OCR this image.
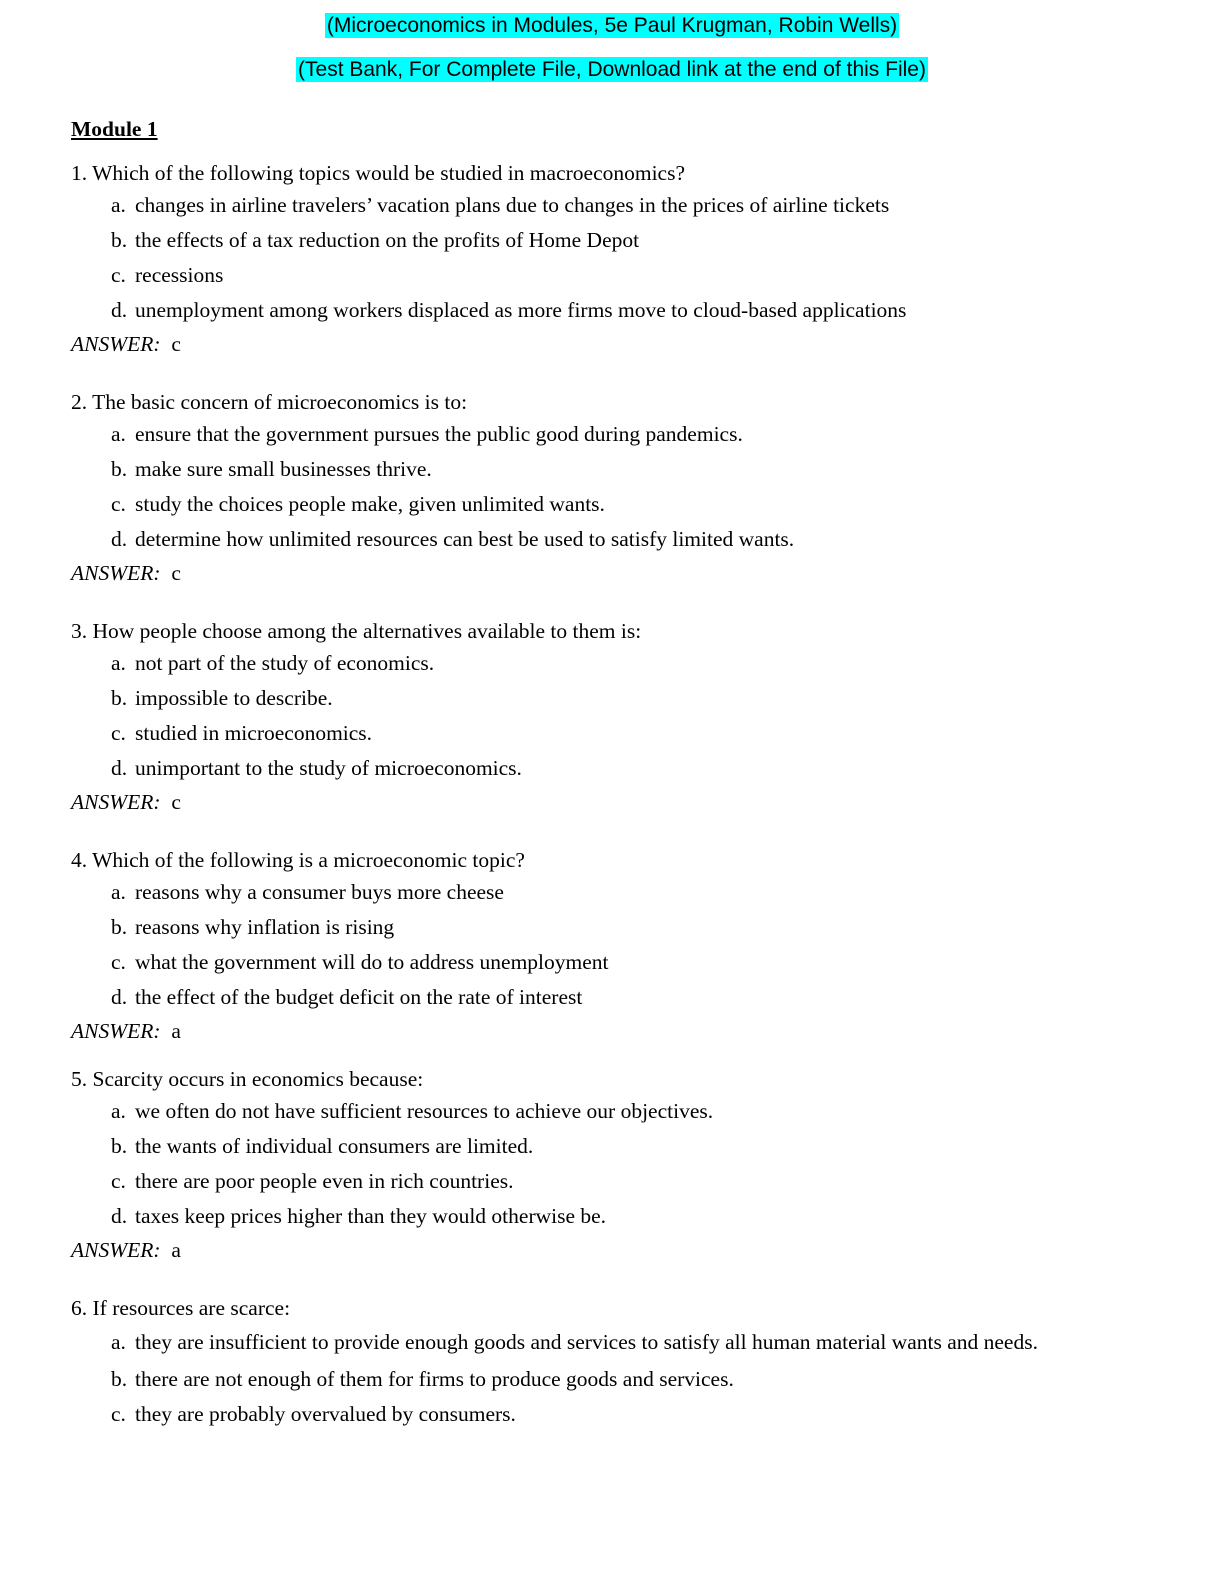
(Microeconomics in Modules, 5e Paul Krugman, Robin Wells)
(Test Bank, For Complete File, Download link at the end of this File)
Module 1

1. Which of the following topics would be studied in macroeconomics?

a. changes in airline travelers’ vacation plans due to changes in the prices of airline tickets
b. the effects of a tax reduction on the profits of Home Depot
c. recessions
d. unemployment among workers displaced as more firms move to cloud-based applications
ANSWER: c

2. The basic concern of microeconomics is to:

a. ensure that the government pursues the public good during pandemics.
b. make sure small businesses thrive.
c. study the choices people make, given unlimited wants.
d. determine how unlimited resources can best be used to satisfy limited wants.
ANSWER: c

3. How people choose among the alternatives available to them is:

a. not part of the study of economics.
b. impossible to describe.
c. studied in microeconomics.
d. unimportant to the study of microeconomics.
ANSWER: c

4. Which of the following is a microeconomic topic?

a. reasons why a consumer buys more cheese
b. reasons why inflation is rising
c. what the government will do to address unemployment
d. the effect of the budget deficit on the rate of interest
ANSWER: a

5. Scarcity occurs in economics because:

a. we often do not have sufficient resources to achieve our objectives.
b. the wants of individual consumers are limited.
c. there are poor people even in rich countries.
d. taxes keep prices higher than they would otherwise be.
ANSWER: a

6. If resources are scarce:

a. they are insufficient to provide enough goods and services to satisfy all human material wants and needs.
b. there are not enough of them for firms to produce goods and services.
c. they are probably overvalued by consumers.
